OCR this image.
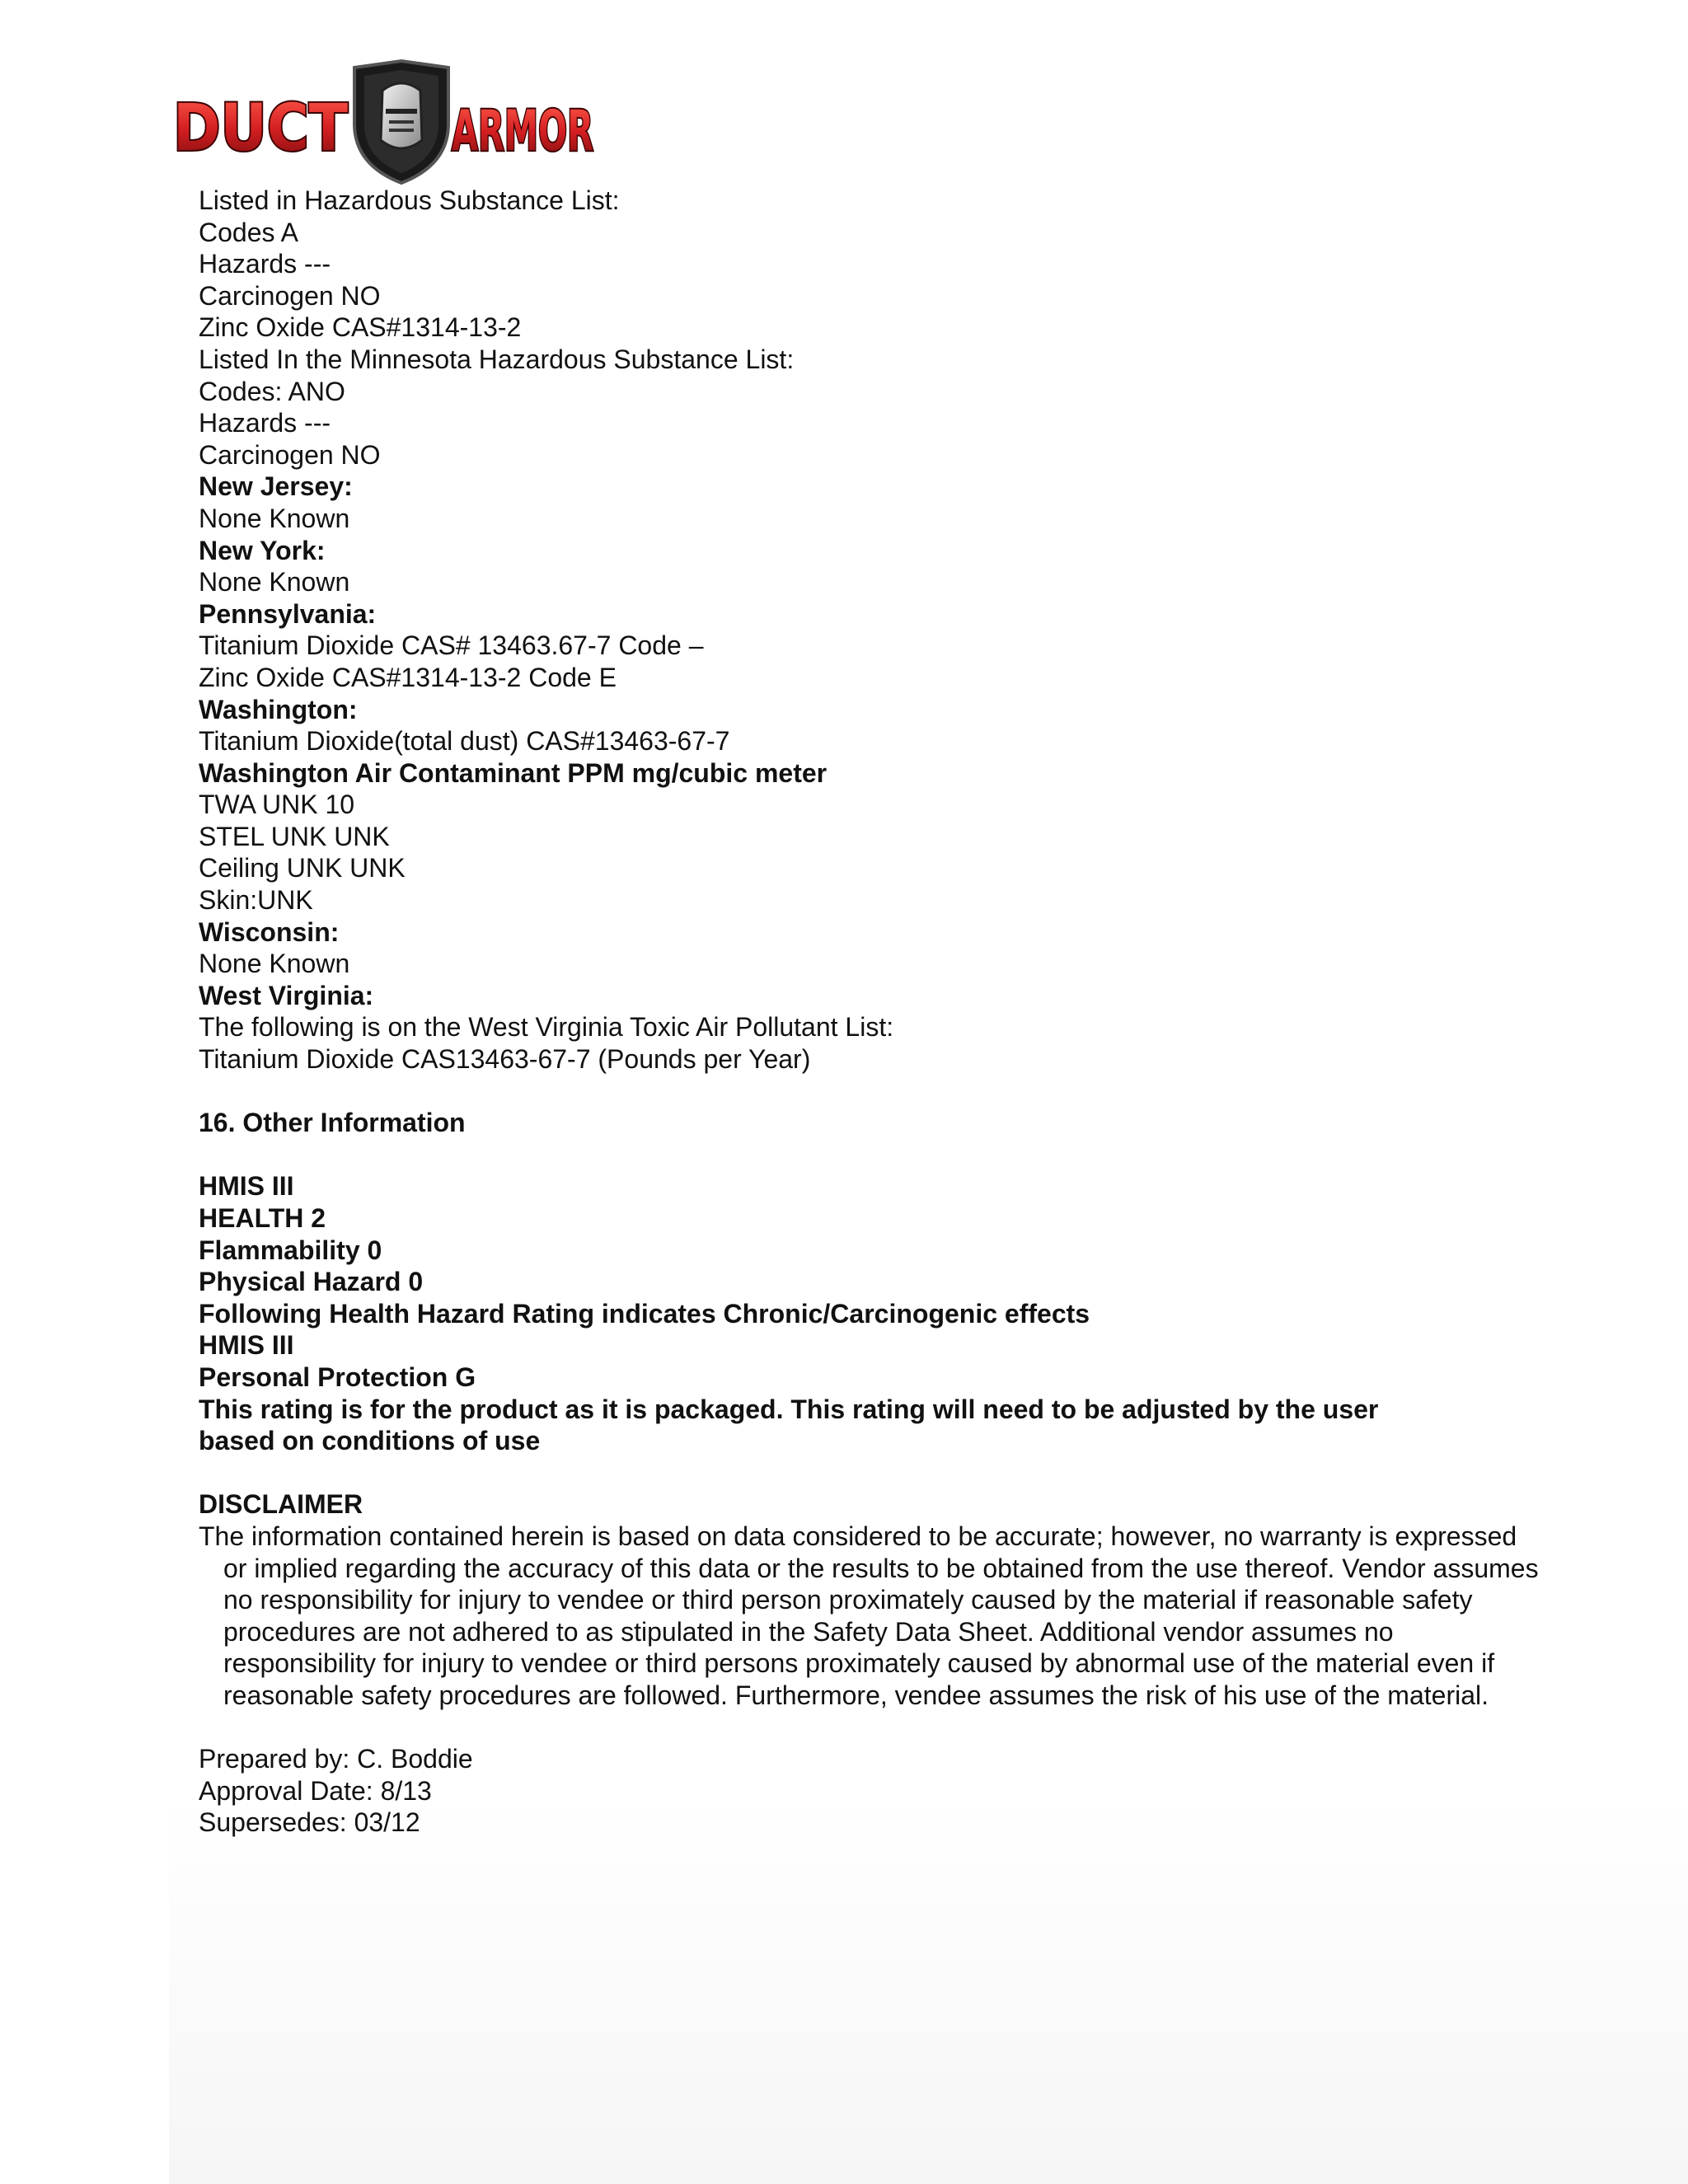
DUCT ARMOR
Listed in Hazardous Substance List:
Codes A
Hazards ---
Carcinogen NO
Zinc Oxide CAS#1314-13-2
Listed In the Minnesota Hazardous Substance List:
Codes: ANO
Hazards ---
Carcinogen NO
New Jersey:
None Known
New York:
None Known
Pennsylvania:
Titanium Dioxide CAS# 13463.67-7 Code –
Zinc Oxide CAS#1314-13-2 Code E
Washington:
Titanium Dioxide(total dust) CAS#13463-67-7
Washington Air Contaminant PPM mg/cubic meter
TWA UNK 10
STEL UNK UNK
Ceiling UNK UNK
Skin:UNK
Wisconsin:
None Known
West Virginia:
The following is on the West Virginia Toxic Air Pollutant List:
Titanium Dioxide CAS13463-67-7 (Pounds per Year)
16. Other Information
HMIS III
HEALTH 2
Flammability 0
Physical Hazard 0
Following Health Hazard Rating indicates Chronic/Carcinogenic effects
HMIS III
Personal Protection G
This rating is for the product as it is packaged. This rating will need to be adjusted by the user
based on conditions of use
DISCLAIMER
The information contained herein is based on data considered to be accurate; however, no warranty is expressed or implied regarding the accuracy of this data or the results to be obtained from the use thereof. Vendor assumes no responsibility for injury to vendee or third person proximately caused by the material if reasonable safety procedures are not adhered to as stipulated in the Safety Data Sheet. Additional vendor assumes no responsibility for injury to vendee or third persons proximately caused by abnormal use of the material even if reasonable safety procedures are followed. Furthermore, vendee assumes the risk of his use of the material.
Prepared by: C. Boddie
Approval Date: 8/13
Supersedes: 03/12
